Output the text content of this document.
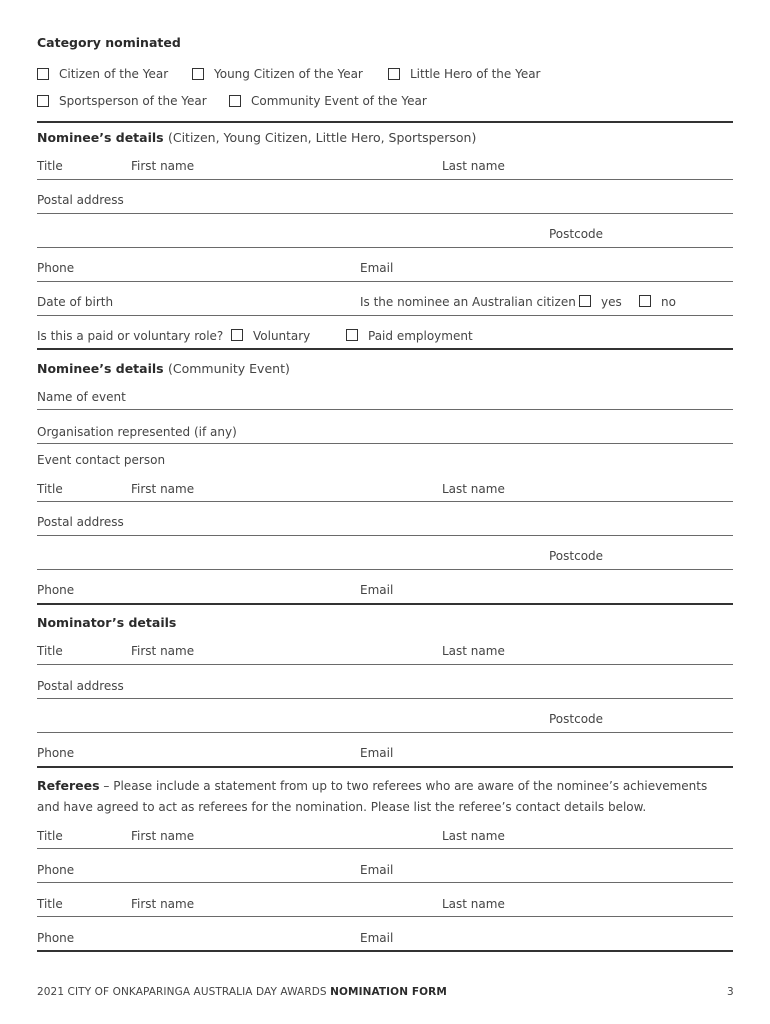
Category nominated
Citizen of the Year	Young Citizen of the Year	Little Hero of the Year
Sportsperson of the Year	Community Event of the Year
Nominee’s details (Citizen, Young Citizen, Little Hero, Sportsperson)
Title	First name	Last name
Postal address
Postcode
Phone	Email
Date of birth	Is the nominee an Australian citizen yes	no
Is this a paid or voluntary role? Voluntary	Paid employment
Nominee’s details (Community Event)
Name of event
Organisation represented (if any)
Event contact person
Title	First name	Last name
Postal address
Postcode
Phone	Email
Nominator’s details
Title	First name	Last name
Postal address
Postcode
Phone	Email
Referees – Please include a statement from up to two referees who are aware of the nominee’s achievements
and have agreed to act as referees for the nomination. Please list the referee’s contact details below.
Title	First name	Last name
Phone	Email
Title	First name	Last name
Phone	Email
2021 CITY OF ONKAPARINGA AUSTRALIA DAY AWARDS NOMINATION FORM	3
